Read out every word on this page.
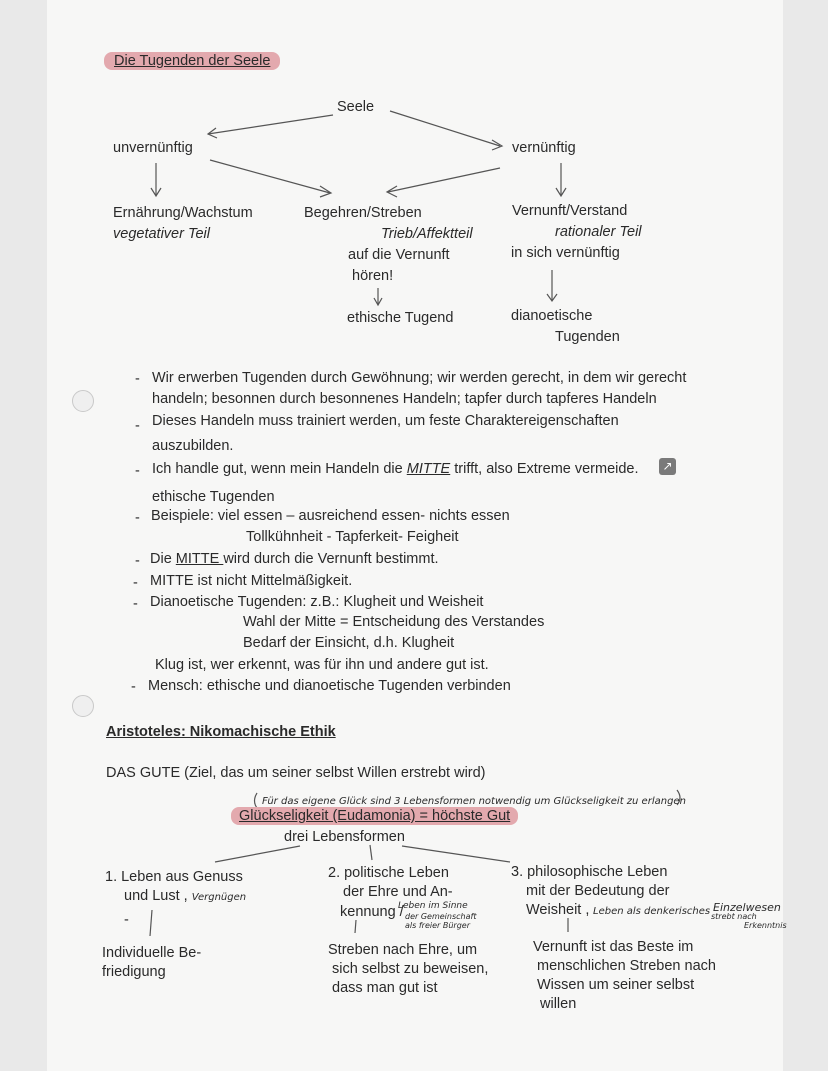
Die Tugenden der Seele
Seele
unvernünftig	vernünftig
Ernährung/Wachstum
vegetativer Teil
Begehren/Streben
Trieb/Affektteil
auf die Vernunft
hören!
ethische Tugend
Vernunft/Verstand
rationaler Teil
in sich vernünftig
dianoetische
Tugenden
- Wir erwerben Tugenden durch Gewöhnung; wir werden gerecht, in dem wir gerecht
handeln; besonnen durch besonnenes Handeln; tapfer durch tapferes Handeln
- Dieses Handeln muss trainiert werden, um feste Charaktereigenschaften
auszubilden.
- Ich handle gut, wenn mein Handeln die MITTE trifft, also Extreme vermeide. ↗
ethische Tugenden
- Beispiele: viel essen – ausreichend essen- nichts essen
Tollkühnheit - Tapferkeit- Feigheit
- Die MITTE wird durch die Vernunft bestimmt.
- MITTE ist nicht Mittelmäßigkeit.
- Dianoetische Tugenden: z.B.: Klugheit und Weisheit
Wahl der Mitte = Entscheidung des Verstandes
Bedarf der Einsicht, d.h. Klugheit
Klug ist, wer erkennt, was für ihn und andere gut ist.
- Mensch: ethische und dianoetische Tugenden verbinden
Aristoteles: Nikomachische Ethik
DAS GUTE (Ziel, das um seiner selbst Willen erstrebt wird)
Für das eigene Glück sind 3 Lebensformen notwendig um Glückseligkeit zu erlangen
Glückseligkeit (Eudamonia) = höchste Gut
drei Lebensformen
1. Leben aus Genuss
und Lust , Vergnügen
-
Individuelle Be-
friedigung
2. politische Leben
der Ehre und An-
kennung /
Leben im Sinne
der Gemeinschaft
als freier Bürger
Streben nach Ehre, um
sich selbst zu beweisen,
dass man gut ist
3. philosophische Leben
mit der Bedeutung der
Weisheit , Leben als denkerisches Einzelwesen
strebt nach
Erkenntnis
Vernunft ist das Beste im
menschlichen Streben nach
Wissen um seiner selbst
willen
